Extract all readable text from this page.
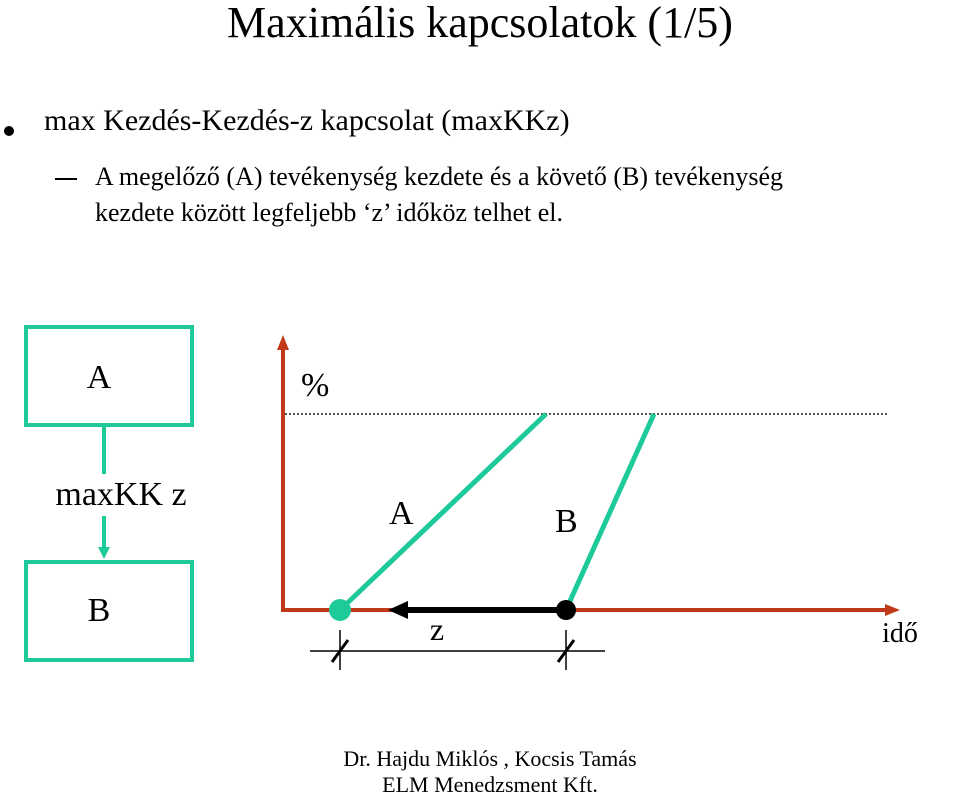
Maximális kapcsolatok (1/5)
max Kezdés-Kezdés-z kapcsolat (maxKKz)
A megelőző (A) tevékenység kezdete és a követő (B) tevékenység
kezdete között legfeljebb ‘z’ időköz telhet el.
A
maxKK z
B
%
A	B
z	idő
Dr. Hajdu Miklós , Kocsis Tamás
ELM Menedzsment Kft.
